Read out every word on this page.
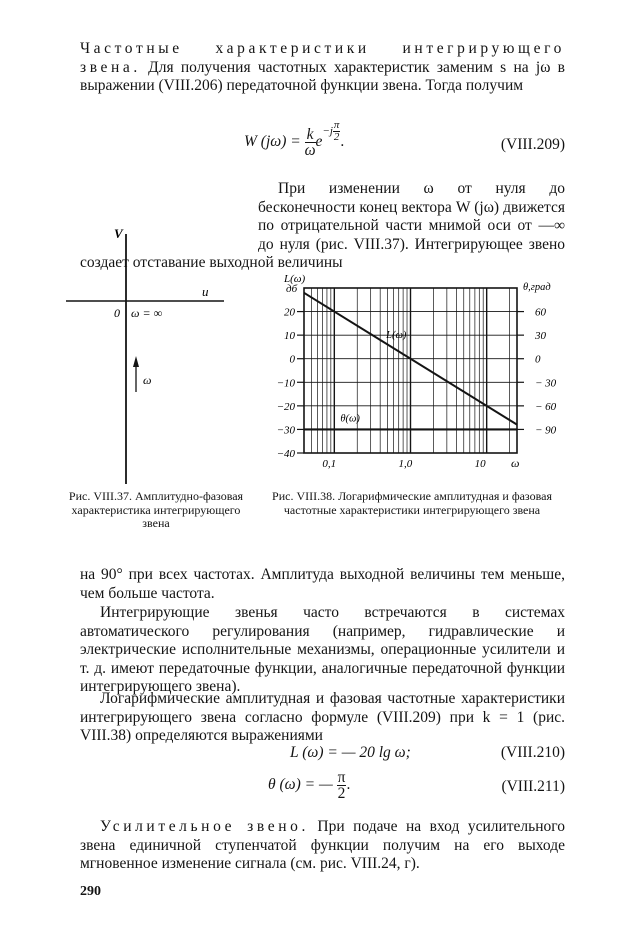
Частотные характеристики интегрирующего звена. Для получения частотных характеристик заменим s на jω в выражении (VIII.206) передаточной функции звена. Тогда получим
W $(j\omega) = \frac{k}{\omega} e-j \frac{\pi}{2}$ .	(VIII.209)
При изменении ω от нуля до бесконечности конец вектора W (jω) движется по отрицательной части мнимой оси от —∞ до нуля (рис. VIII.37). Интегрирующее звено создает отставание выходной величины
V
u
0 ω = ∞
ω
20
10
0
−10
−20
−30
−40
60
30
0
− 30
− 60
− 90
0,1	1,0	10 ω
L(ω)
дб	θ,град
L(ω)
θ(ω)
Рис. VIII.37. Амплитудно-фазовая характеристика интегрирующего звена
Рис. VIII.38. Логарифмические амплитудная и фазовая частотные характеристики интегрирующего звена
на 90° при всех частотах. Амплитуда выходной величины тем меньше, чем больше частота.
Интегрирующие звенья часто встречаются в системах автоматического регулирования (например, гидравлические и электрические исполнительные механизмы, операционные усилители и т. д. имеют передаточные функции, аналогичные передаточной функции интегрирующего звена).
Логарифмические амплитудная и фазовая частотные характеристики интегрирующего звена согласно формуле (VIII.209) при k = 1 (рис. VIII.38) определяются выражениями
L (ω) = — 20 lg ω;	(VIII.210)
θ (ω) = — $\frac{\pi}{2}$ .	(VIII.211)
Усилительное звено. При подаче на вход усилительного звена единичной ступенчатой функции получим на его выходе мгновенное изменение сигнала (см. рис. VIII.24, г).
290
